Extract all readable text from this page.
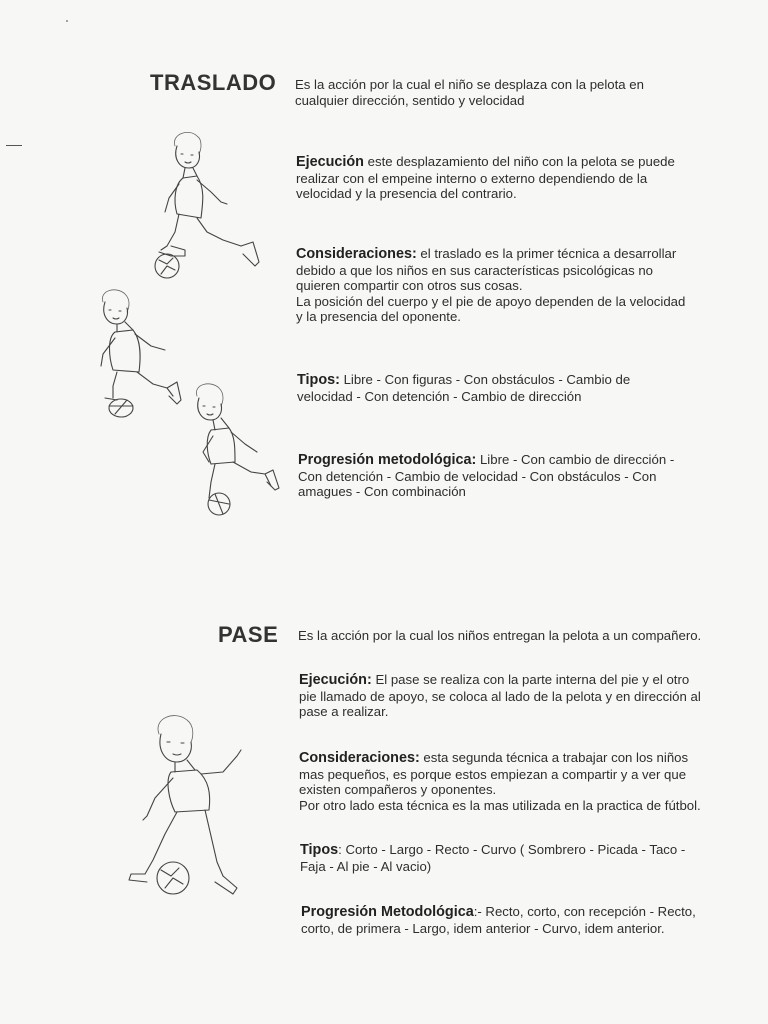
TRASLADO Es la acción por la cual el niño se desplaza con la pelota en

cualquier dirección, sentido y velocidad

Ejecución este desplazamiento del niño con la pelota se puede

realizar con el empeine interno o externo dependiendo de la

velocidad y la presencia del contrario.

Consideraciones: el traslado es la primer técnica a desarrollar

debido a que los niños en sus características psicológicas no

quieren compartir con otros sus cosas.

La posición del cuerpo y el pie de apoyo dependen de la velocidad

y la presencia del oponente.

Tipos: Libre - Con figuras - Con obstáculos - Cambio de

velocidad - Con detención - Cambio de dirección

Progresión metodológica: Libre - Con cambio de dirección -

Con detención - Cambio de velocidad - Con obstáculos - Con

amagues - Con combinación

PASE Es la acción por la cual los niños entregan la pelota a un compañero.

Ejecución: El pase se realiza con la parte interna del pie y el otro

pie llamado de apoyo, se coloca al lado de la pelota y en dirección al

pase a realizar.

Consideraciones: esta segunda técnica a trabajar con los niños

mas pequeños, es porque estos empiezan a compartir y a ver que

existen compañeros y oponentes.

Por otro lado esta técnica es la mas utilizada en la practica de fútbol.

Tipos: Corto - Largo - Recto - Curvo ( Sombrero - Picada - Taco -

Faja - Al pie - Al vacio)

Progresión Metodológica:- Recto, corto, con recepción - Recto,

corto, de primera - Largo, idem anterior - Curvo, idem anterior.
